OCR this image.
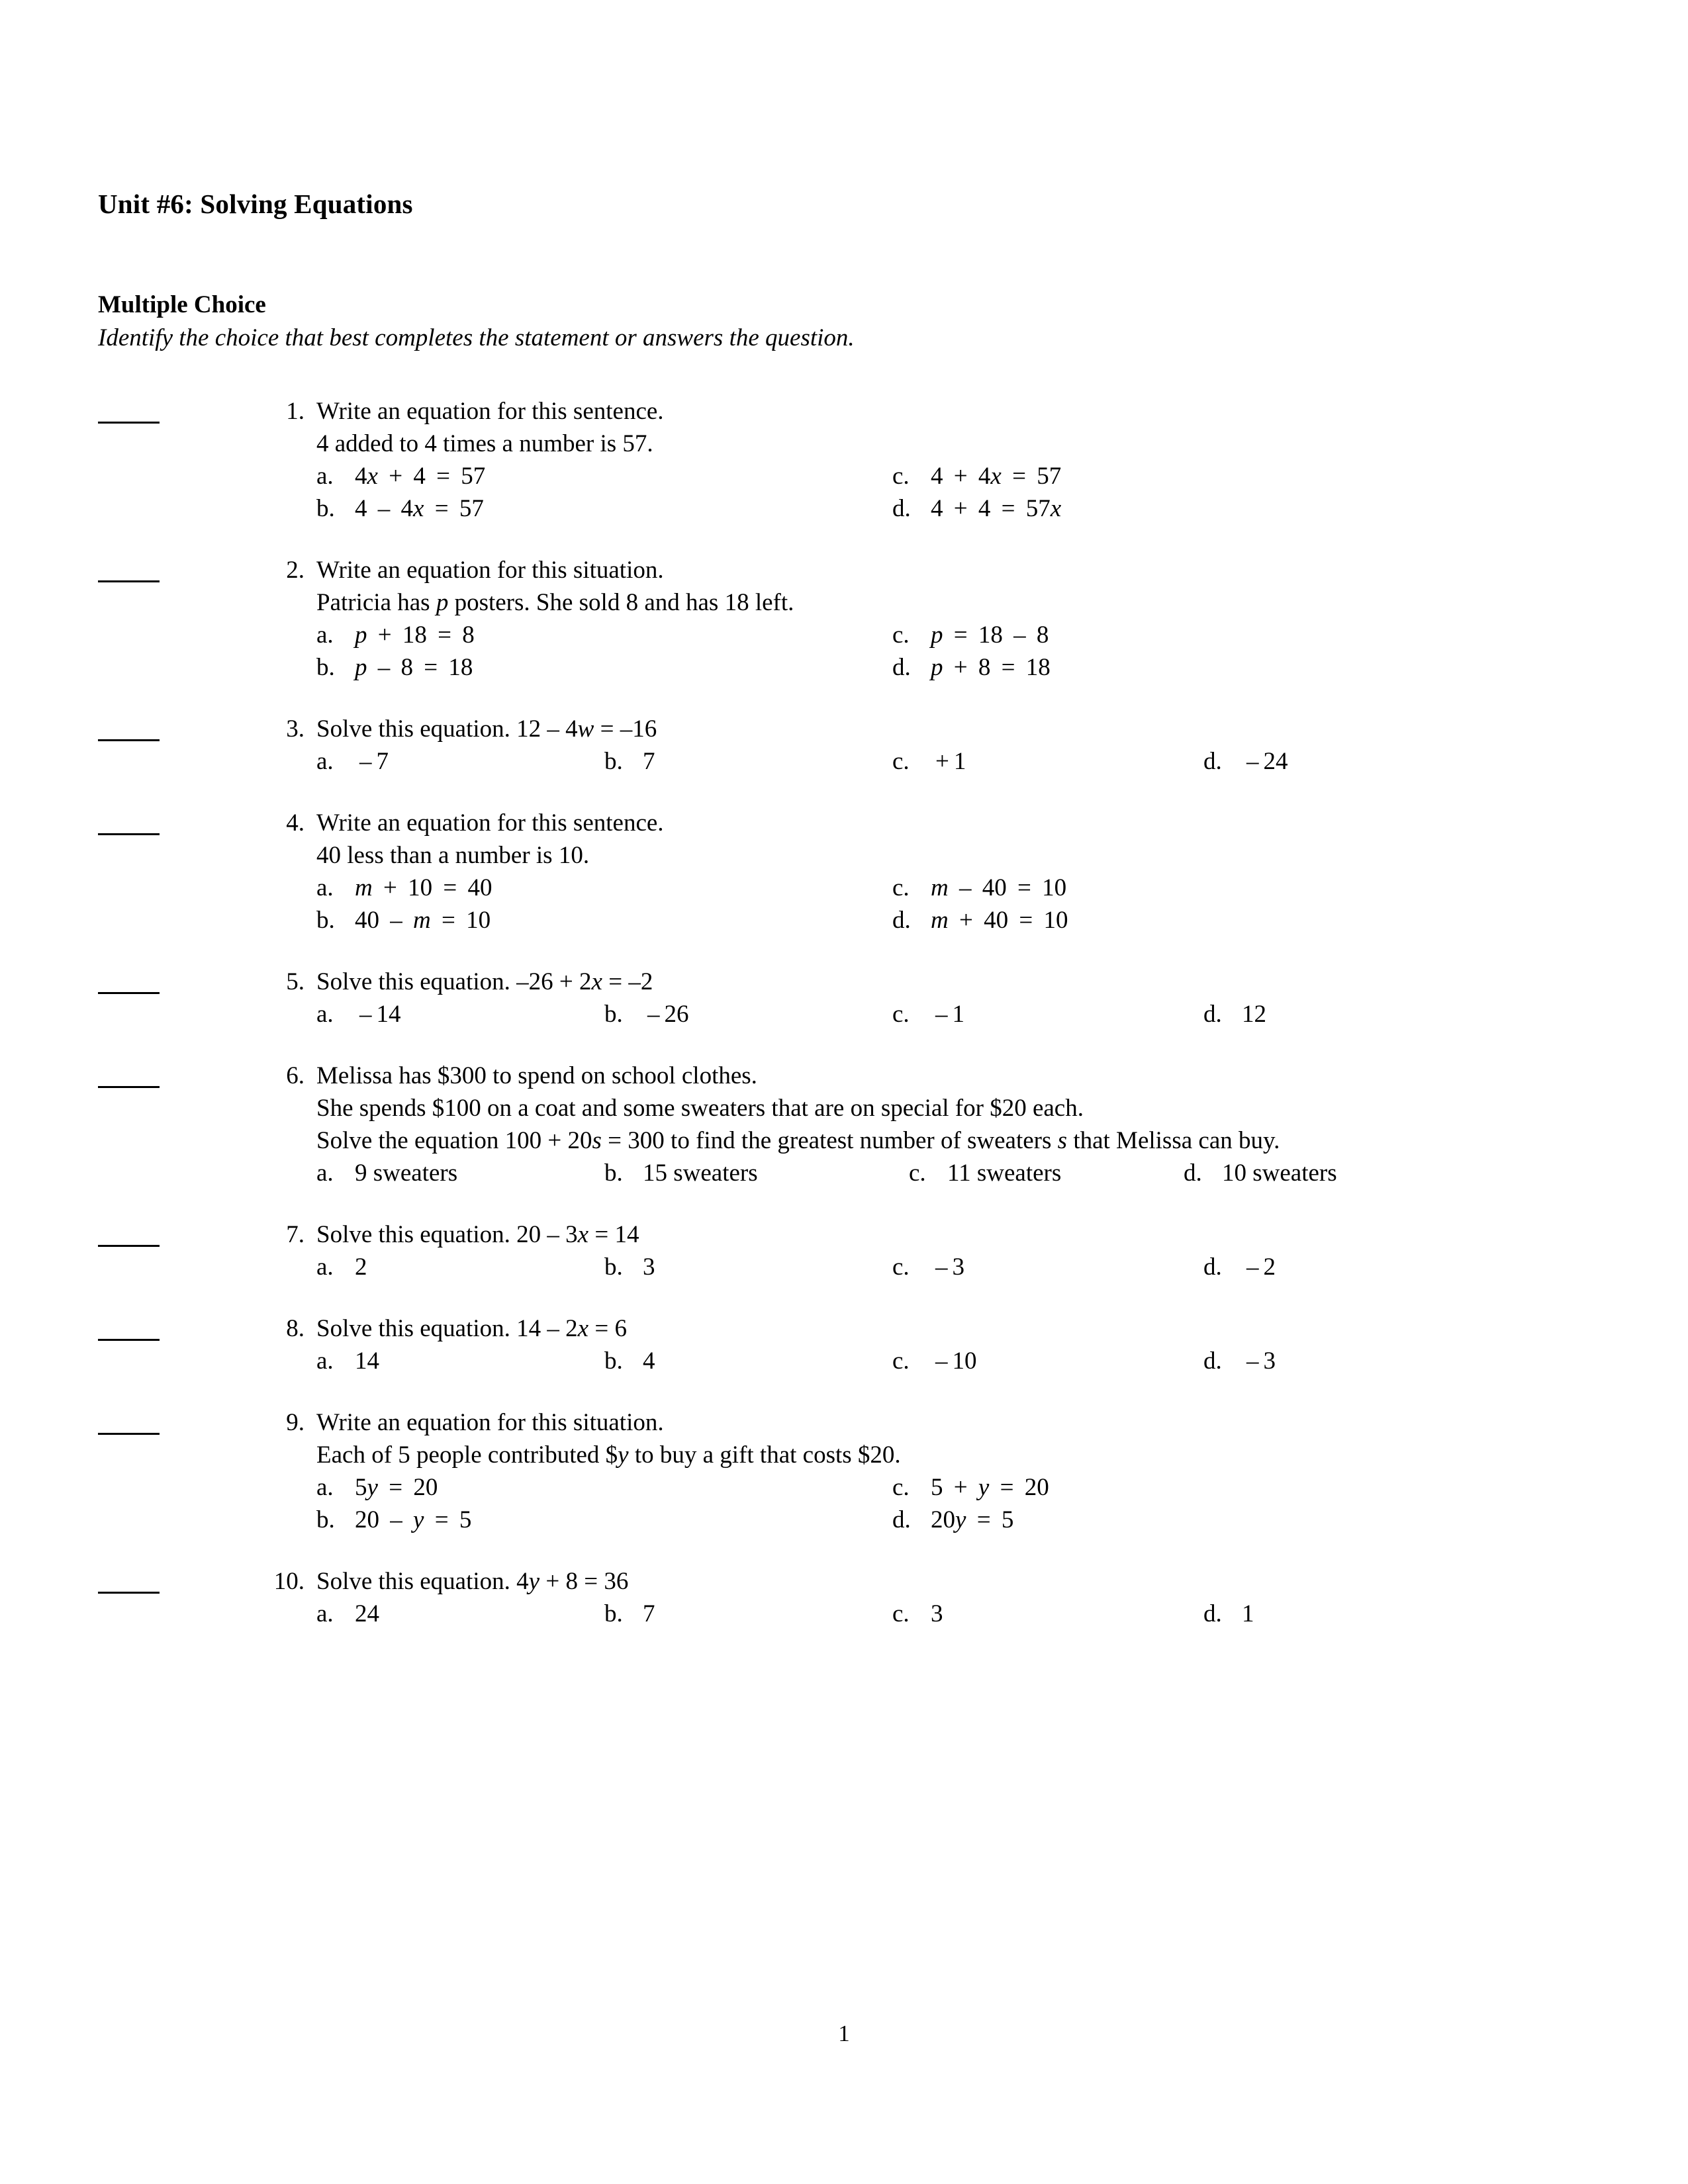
Unit #6: Solving Equations
Multiple Choice
Identify the choice that best completes the statement or answers the question.
1. Write an equation for this sentence.
4 added to 4 times a number is 57.
a. 4x + 4 = 57	c. 4 + 4x = 57
b. 4 – 4x = 57	d. 4 + 4 = 57x
2. Write an equation for this situation.
Patricia has p posters. She sold 8 and has 18 left.
a. p + 18 = 8	c. p = 18 – 8
b. p – 8 = 18	d. p + 8 = 18
3. Solve this equation. 12 – 4w = –16
a. – 7	b. 7	c. + 1	d. – 24
4. Write an equation for this sentence.
40 less than a number is 10.
a. m + 10 = 40	c. m – 40 = 10
b. 40 – m = 10	d. m + 40 = 10
5. Solve this equation. –26 + 2x = –2
a. – 14	b. – 26	c. – 1	d. 12
6. Melissa has $300 to spend on school clothes.
She spends $100 on a coat and some sweaters that are on special for $20 each.
Solve the equation 100 + 20s = 300 to find the greatest number of sweaters s that Melissa can buy.
a. 9 sweaters	b. 15 sweaters	c. 11 sweaters	d. 10 sweaters
7. Solve this equation. 20 – 3x = 14
a. 2	b. 3	c. – 3	d. – 2
8. Solve this equation. 14 – 2x = 6
a. 14	b. 4	c. – 10	d. – 3
9. Write an equation for this situation.
Each of 5 people contributed $y to buy a gift that costs $20.
a. 5y = 20	c. 5 + y = 20
b. 20 – y = 5	d. 20y = 5
10. Solve this equation. 4y + 8 = 36
a. 24	b. 7	c. 3	d. 1
1
